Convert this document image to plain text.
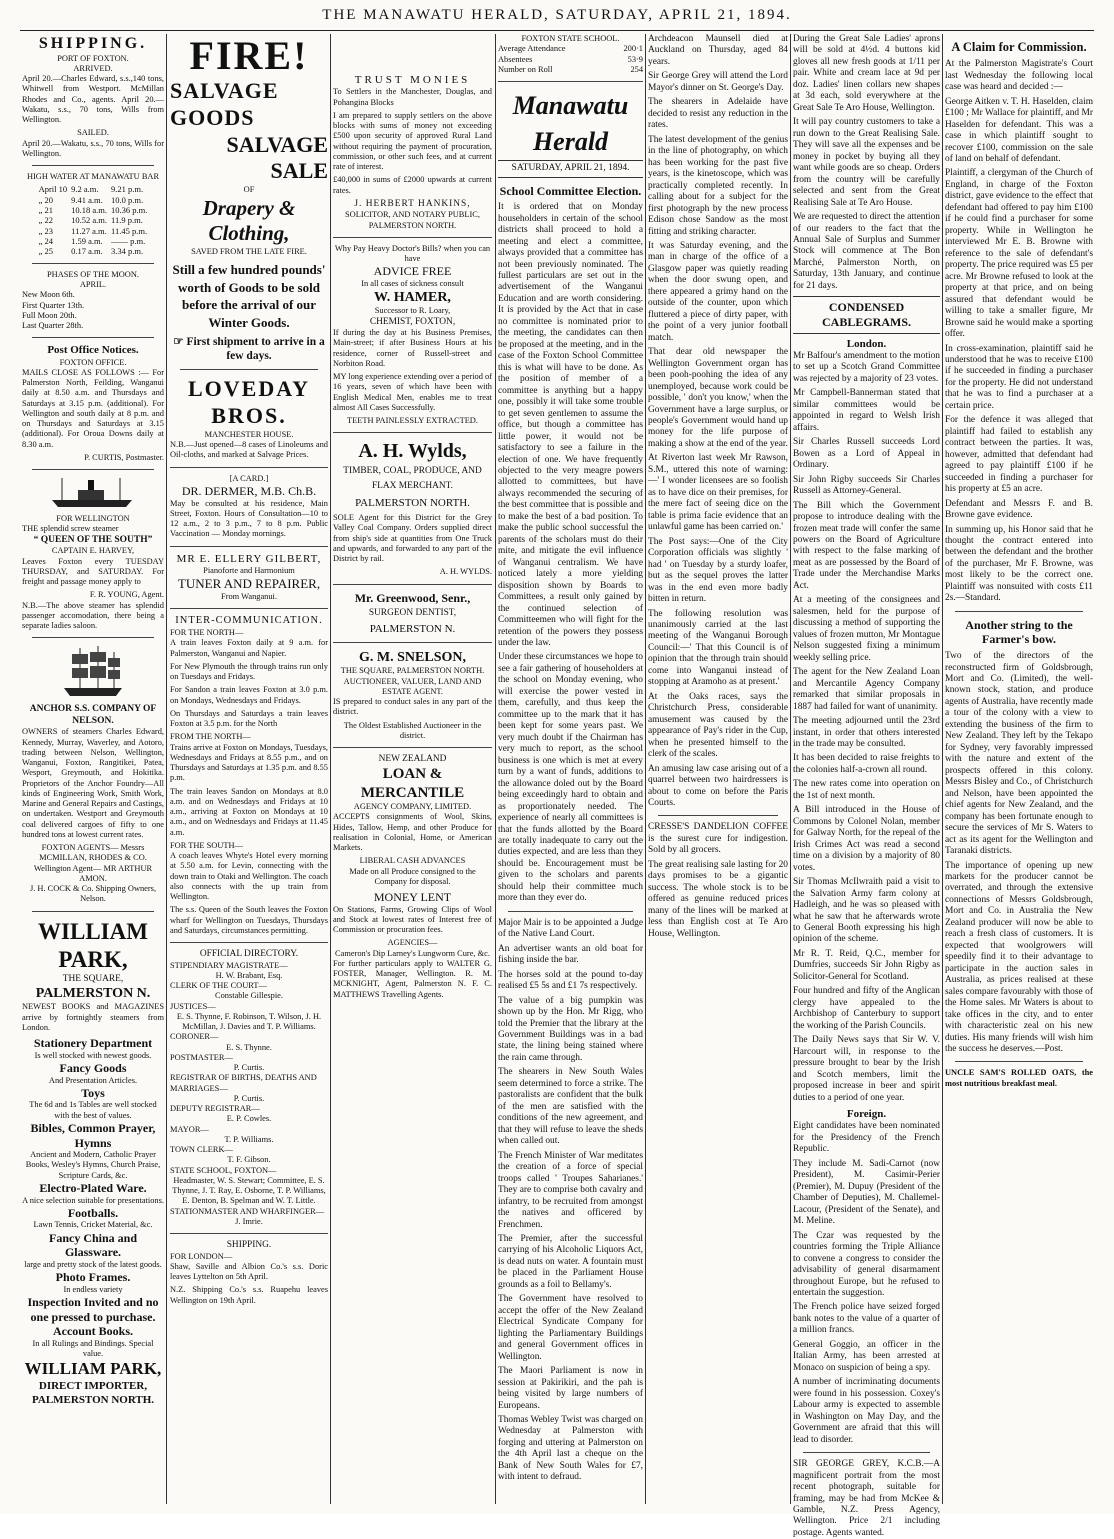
THE MANAWATU HERALD, SATURDAY, APRIL 21, 1894.
SHIPPING.
PORT OF FOXTON.
ARRIVED.

April 20.—Charles Edward, s.s.,140 tons, Whitwell from Westport. McMillan Rhodes and Co., agents. April 20.—Wakatu, s.s., 70 tons, Wills from Wellington.

SAILED.

April 20.—Wakatu, s.s., 70 tons, Wills for Wellington.

HIGH WATER AT MANAWATU BAR
April 10	9.2 a.m.	9.21 p.m.
„ 20	9.41 a.m.	10.0 p.m.
„ 21	10.18 a.m.	10.36 p.m.
„ 22	10.52 a.m.	11.9 p.m.
„ 23	11.27 a.m.	11.45 p.m.
„ 24	1.59 a.m.	—— p.m.
„ 25	0.17 a.m.	3.34 p.m.
PHASES OF THE MOON.
APRIL.
New Moon 6th.
First Quarter 13th.
Full Moon 20th.
Last Quarter 28th.
Post Office Notices.
FOXTON OFFICE.

MAILS CLOSE AS FOLLOWS :— For Palmerston North, Feilding, Wanganui daily at 8.50 a.m. and Thursdays and Saturdays at 3.15 p.m. (additional). For Wellington and south daily at 8 p.m. and on Thursdays and Saturdays at 3.15 (additional). For Oroua Downs daily at 8.30 a.m.

P. CURTIS, Postmaster.
FOR WELLINGTON
THE splendid screw steamer
“ QUEEN OF THE SOUTH”
CAPTAIN E. HARVEY,

Leaves Foxton every TUESDAY THURSDAY, and SATURDAY. For freight and passage money apply to

F. R. YOUNG, Agent.

N.B.—The above steamer has splendid passenger accomodation, there being a separate ladies saloon.

ANCHOR S.S. COMPANY OF NELSON.

OWNERS of steamers Charles Edward, Kennedy, Murray, Waverley, and Aotoro, trading between Nelson, Wellington, Wanganui, Foxton, Rangitikei, Patea, Wesport, Greymouth, and Hokitika. Proprietors of the Anchor Foundry—All kinds of Engineering Work, Smith Work, Marine and General Repairs and Castings, on undertaken. Westport and Greymouth coal delivered cargoes of fifty to one hundred tons at lowest current rates.

FOXTON AGENTS— Messrs MCMILLAN, RHODES & CO.
Wellington Agent— MR ARTHUR AMON.
J. H. COCK & Co. Shipping Owners, Nelson.
WILLIAM PARK,
THE SQUARE,
PALMERSTON N.

NEWEST BOOKS and MAGAZINES arrive by fortnightly steamers from London.

Stationery Department
Is well stocked with newest goods.
Fancy Goods
And Presentation Articles.
Toys
The 6d and 1s Tables are well stocked with the best of values.
Bibles, Common Prayer, Hymns
Ancient and Modern, Catholic Prayer Books, Wesley's Hymns, Church Praise, Scripture Cards, &c.
Electro-Plated Ware.
A nice selection suitable for presentations.
Footballs.
Lawn Tennis, Cricket Material, &c.
Fancy China and Glassware.
large and pretty stock of the latest goods.
Photo Frames.
In endless variety
Inspection Invited and no one pressed to purchase.
Account Books.
In all Rulings and Bindings. Special value.
WILLIAM PARK,
DIRECT IMPORTER,
PALMERSTON NORTH.
FIRE!
SALVAGE GOODS
SALVAGE SALE
OF
Drapery & Clothing,
SAVED FROM THE LATE FIRE.
Still a few hundred pounds' worth of Goods to be sold before the arrival of our Winter Goods.
☞ First shipment to arrive in a few days.
LOVEDAY BROS.
MANCHESTER HOUSE.

N.B.—Just opened—8 cases of Linoleums and Oil-cloths, and marked at Salvage Prices.

[A CARD.]
DR. DERMER, M.B. Ch.B.

May be consulted at his residence, Main Street, Foxton. Hours of Consultation—10 to 12 a.m., 2 to 3 p.m., 7 to 8 p.m. Public Vaccination — Monday mornings.

MR E. ELLERY GILBERT,
Pianoforte and Harmonium
TUNER AND REPAIRER,
From Wanganui.
INTER-COMMUNICATION.
FOR THE NORTH—

A train leaves Foxton daily at 9 a.m. for Palmerston, Wanganui and Napier.

For New Plymouth the through trains run only on Tuesdays and Fridays.

For Sandon a train leaves Foxton at 3.0 p.m. on Mondays, Wednesdays and Fridays.

On Thursdays and Saturdays a train leaves Foxton at 3.5 p.m. for the North

FROM THE NORTH—

Trains arrive at Foxton on Mondays, Tuesdays, Wednesdays and Fridays at 8.55 p.m., and on Thursdays and Saturdays at 1.35 p.m. and 8.55 p.m.

The train leaves Sandon on Mondays at 8.0 a.m. and on Wednesdays and Fridays at 10 a.m., arriving at Foxton on Mondays at 10 a.m., and on Wednesdays and Fridays at 11.45 a.m.

FOR THE SOUTH—

A coach leaves Whyte's Hotel every morning at 5.50 a.m. for Levin, connecting with the down train to Otaki and Wellington. The coach also connects with the up train from Wellington.

The s.s. Queen of the South leaves the Foxton wharf for Wellington on Tuesdays, Thursdays and Saturdays, circumstances permitting.

OFFICIAL DIRECTORY.
STIPENDIARY MAGISTRATE—
H. W. Brabant, Esq.
CLERK OF THE COURT—
Constable Gillespie.
JUSTICES—
E. S. Thynne, F. Robinson, T. Wilson, J. H. McMillan, J. Davies and T. P. Williams.
CORONER—
E. S. Thynne.
POSTMASTER—
P. Curtis.
REGISTRAR OF BIRTHS, DEATHS AND MARRIAGES—
P. Curtis.
DEPUTY REGISTRAR—
E. P. Cowles.
MAYOR—
T. P. Williams.
TOWN CLERK—
T. F. Gibson.
STATE SCHOOL, FOXTON—
Headmaster, W. S. Stewart; Committee, E. S. Thynne, J. T. Ray, E. Osborne, T. P. Williams, E. Denton, B. Spelman and W. T. Little.
STATIONMASTER AND WHARFINGER—
J. Imrie.
SHIPPING.
FOR LONDON—

Shaw, Saville and Albion Co.'s s.s. Doric leaves Lyttelton on 5th April.

N.Z. Shipping Co.'s s.s. Ruapehu leaves Wellington on 19th April.

TRUST MONIES

To Settlers in the Manchester, Douglas, and Pohangina Blocks

I am prepared to supply settlers on the above blocks with sums of money not exceeding £500 upon security of approved Rural Land without requiring the payment of procuration, commission, or other such fees, and at current rate of interest.

£40,000 in sums of £2000 upwards at current rates.

J. HERBERT HANKINS,
SOLICITOR, AND NOTARY PUBLIC,
PALMERSTON NORTH.
Why Pay Heavy Doctor's Bills? when you can have
ADVICE FREE
In all cases of sickness consult
W. HAMER,
Successor to R. Loary,
CHEMIST, FOXTON,

If during the day at his Business Premises, Main-street; if after Business Hours at his residence, corner of Russell-street and Norbiton Road.

MY long experience extending over a period of 16 years, seven of which have been with English Medical Men, enables me to treat almost All Cases Successfully.

TEETH PAINLESSLY EXTRACTED.
A. H. Wylds,
TIMBER, COAL, PRODUCE, AND FLAX MERCHANT.
PALMERSTON NORTH.

SOLE Agent for this District for the Grey Valley Coal Company. Orders supplied direct from ship's side at quantities from One Truck and upwards, and forwarded to any part of the District by rail.

A. H. WYLDS.
Mr. Greenwood, Senr.,
SURGEON DENTIST,
PALMERSTON N.
G. M. SNELSON,
THE SQUARE, PALMERSTON NORTH.
AUCTIONEER, VALUER, LAND AND ESTATE AGENT.

IS prepared to conduct sales in any part of the district.

The Oldest Established Auctioneer in the district.
NEW ZEALAND
LOAN & MERCANTILE
AGENCY COMPANY, LIMITED.

ACCEPTS consignments of Wool, Skins, Hides, Tallow, Hemp, and other Produce for realisation in Colonial, Home, or American Markets.

LIBERAL CASH ADVANCES

Made on all Produce consigned to the Company for disposal.

MONEY LENT

On Stations, Farms, Growing Clips of Wool and Stock at lowest rates of Interest free of Commission or procuration fees.

AGENCIES—
Cameron's Dip Larney's Lungworm Cure, &c.

For further particulars apply to WALTER G. FOSTER, Manager, Wellington. R. M. MCKNIGHT, Agent, Palmerston N. F. C. MATTHEWS Travelling Agents.

FOXTON STATE SCHOOL.
Average Attendance	200·1
Absentees	53·9
Number on Roll	254
Manawatu Herald
SATURDAY, APRIL 21, 1894.
School Committee Election.

It is ordered that on Monday householders in certain of the school districts shall proceed to hold a meeting and elect a committee, always provided that a committee has not been previously nominated. The fullest particulars are set out in the advertisement of the Wanganui Education and are worth considering. It is provided by the Act that in case no committee is nominated prior to the meeting, the candidates can then be proposed at the meeting, and in the case of the Foxton School Committee this is what will have to be done. As the position of member of a committee is anything but a happy one, possibly it will take some trouble to get seven gentlemen to assume the office, but though a committee has little power, it would not be satisfactory to see a failure in the election of one. We have frequently objected to the very meagre powers allotted to committees, but have always recommended the securing of the best committee that is possible and to make the best of a bad position. To make the public school successful the parents of the scholars must do their mite, and mitigate the evil influence of Wanganui centralism. We have noticed lately a more yielding disposition shown by Boards to Committees, a result only gained by the continued selection of Committeemen who will fight for the retention of the powers they possess under the law.

Under these circumstances we hope to see a fair gathering of householders at the school on Monday evening, who will exercise the power vested in them, carefully, and thus keep the committee up to the mark that it has been kept for some years past. We very much doubt if the Chairman has very much to report, as the school business is one which is met at every turn by a want of funds, additions to the allowance doled out by the Board being exceedingly hard to obtain and as proportionately needed. The experience of nearly all committees is that the funds allotted by the Board are totally inadequate to carry out the duties expected, and are less than they should be. Encouragement must be given to the scholars and parents should help their committee much more than they ever do.

Major Mair is to be appointed a Judge of the Native Land Court.

An advertiser wants an old boat for fishing inside the bar.

The horses sold at the pound to-day realised £5 5s and £1 7s respectively.

The value of a big pumpkin was shown up by the Hon. Mr Rigg, who told the Premier that the library at the Government Buildings was in a bad state, the lining being stained where the rain came through.

The shearers in New South Wales seem determined to force a strike. The pastoralists are confident that the bulk of the men are satisfied with the conditions of the new agreement, and that they will refuse to leave the sheds when called out.

The French Minister of War meditates the creation of a force of special troops called ' Troupes Saharianes.' They are to comprise both cavalry and infantry, to be recruited from amongst the natives and officered by Frenchmen.

The Premier, after the successful carrying of his Alcoholic Liquors Act, is dead nuts on water. A fountain must be placed in the Parliament House grounds as a foil to Bellamy's.

The Government have resolved to accept the offer of the New Zealand Electrical Syndicate Company for lighting the Parliamentary Buildings and general Government offices in Wellington.

The Maori Parliament is now in session at Pakirikiri, and the pah is being visited by large numbers of Europeans.

Thomas Webley Twist was charged on Wednesday at Palmerston with forging and uttering at Palmerston on the 4th April last a cheque on the Bank of New South Wales for £7, with intent to defraud.

Archdeacon Maunsell died at Auckland on Thursday, aged 84 years.

Sir George Grey will attend the Lord Mayor's dinner on St. George's Day.

The shearers in Adelaide have decided to resist any reduction in the rates.

The latest development of the genius in the line of photography, on which has been working for the past five years, is the kinetoscope, which was practically completed recently. In calling about for a subject for the first photograph by the new process Edison chose Sandow as the most fitting and striking character.

It was Saturday evening, and the man in charge of the office of a Glasgow paper was quietly reading when the door swung open, and there appeared a grimy hand on the outside of the counter, upon which fluttered a piece of dirty paper, with the point of a very junior football match.

That dear old newspaper the Wellington Government organ has been pooh-poohing the idea of any unemployed, because work could be possible, ' don't you know,' when the Government have a large surplus, or people's Government would hand up money for the life purpose of making a show at the end of the year.

At Riverton last week Mr Rawson, S.M., uttered this note of warning:—' I wonder licensees are so foolish as to have dice on their premises, for the mere fact of seeing dice on the table is prima facie evidence that an unlawful game has been carried on.'

The Post says:—One of the City Corporation officials was slightly ' had ' on Tuesday by a sturdy loafer, but as the sequel proves the latter was in the end even more badly bitten in return.

The following resolution was unanimously carried at the last meeting of the Wanganui Borough Council:—' That this Council is of opinion that the through train should come into Wanganui instead of stopping at Aramoho as at present.'

At the Oaks races, says the Christchurch Press, considerable amusement was caused by the appearance of Pay's rider in the Cup, when he presented himself to the clerk of the scales.

An amusing law case arising out of a quarrel between two hairdressers is about to come on before the Paris Courts.

CRESSE'S DANDELION COFFEE is the surest cure for indigestion. Sold by all grocers.

The great realising sale lasting for 20 days promises to be a gigantic success. The whole stock is to be offered as genuine reduced prices many of the lines will be marked at less than English cost at Te Aro House, Wellington.

During the Great Sale Ladies' aprons will be sold at 4½d. 4 buttons kid gloves all new fresh goods at 1/11 per pair. White and cream lace at 9d per doz. Ladies' linen collars new shapes at 3d each, sold everywhere at the Great Sale Te Aro House, Wellington.

It will pay country customers to take a run down to the Great Realising Sale. They will save all the expenses and be money in pocket by buying all they want while goods are so cheap. Orders from the country will be carefully selected and sent from the Great Realising Sale at Te Aro House.

We are requested to direct the attention of our readers to the fact that the Annual Sale of Surplus and Summer Stock will commence at The Bon Marché, Palmerston North, on Saturday, 13th January, and continue for 21 days.

CONDENSED CABLEGRAMS.
London.

Mr Balfour's amendment to the motion to set up a Scotch Grand Committee was rejected by a majority of 23 votes.

Mr Campbell-Bannerman stated that similar committees would be appointed in regard to Welsh Irish affairs.

Sir Charles Russell succeeds Lord Bowen as a Lord of Appeal in Ordinary.

Sir John Rigby succeeds Sir Charles Russell as Attorney-General.

The Bill which the Government propose to introduce dealing with the frozen meat trade will confer the same powers on the Board of Agriculture with respect to the false marking of meat as are possessed by the Board of Trade under the Merchandise Marks Act.

At a meeting of the consignees and salesmen, held for the purpose of discussing a method of supporting the values of frozen mutton, Mr Montague Nelson suggested fixing a minimum weekly selling price.

The agent for the New Zealand Loan and Mercantile Agency Company remarked that similar proposals in 1887 had failed for want of unanimity.

The meeting adjourned until the 23rd instant, in order that others interested in the trade may be consulted.

It has been decided to raise freights to the colonies half-a-crown all round.

The new rates come into operation on the 1st of next month.

A Bill introduced in the House of Commons by Colonel Nolan, member for Galway North, for the repeal of the Irish Crimes Act was read a second time on a division by a majority of 80 votes.

Sir Thomas McIlwraith paid a visit to the Salvation Army farm colony at Hadleigh, and he was so pleased with what he saw that he afterwards wrote to General Booth expressing his high opinion of the scheme.

Mr R. T. Reid, Q.C., member for Dumfries, succeeds Sir John Rigby as Solicitor-General for Scotland.

Four hundred and fifty of the Anglican clergy have appealed to the Archbishop of Canterbury to support the working of the Parish Councils.

The Daily News says that Sir W. V. Harcourt will, in response to the pressure brought to bear by the Irish and Scotch members, limit the proposed increase in beer and spirit duties to a period of one year.

Foreign.

Eight candidates have been nominated for the Presidency of the French Republic.

They include M. Sadi-Carnot (now President), M. Casimir-Perier (Premier), M. Dupuy (President of the Chamber of Deputies), M. Challemel-Lacour, (President of the Senate), and M. Meline.

The Czar was requested by the countries forming the Triple Alliance to convene a congress to consider the advisability of general disarmament throughout Europe, but he refused to entertain the suggestion.

The French police have seized forged bank notes to the value of a quarter of a million francs.

General Goggio, an officer in the Italian Army, has been arrested at Monaco on suspicion of being a spy.

A number of incriminating documents were found in his possession. Coxey's Labour army is expected to assemble in Washington on May Day, and the Government are afraid that this will lead to disorder.

SIR GEORGE GREY, K.C.B.—A magnificent portrait from the most recent photograph, suitable for framing, may be had from McKee & Gamble, N.Z. Press Agency, Wellington. Price 2/1 including postage. Agents wanted.

A Claim for Commission.

At the Palmerston Magistrate's Court last Wednesday the following local case was heard and decided :—

George Aitken v. T. H. Haselden, claim £100 ; Mr Wallace for plaintiff, and Mr Haselden for defendant. This was a case in which plaintiff sought to recover £100, commission on the sale of land on behalf of defendant.

Plaintiff, a clergyman of the Church of England, in charge of the Foxton district, gave evidence to the effect that defendant had offered to pay him £100 if he could find a purchaser for some property. While in Wellington he interviewed Mr E. B. Browne with reference to the sale of defendant's property. The price required was £5 per acre. Mr Browne refused to look at the property at that price, and on being assured that defendant would be willing to take a smaller figure, Mr Browne said he would make a sporting offer.

In cross-examination, plaintiff said he understood that he was to receive £100 if he succeeded in finding a purchaser for the property. He did not understand that he was to find a purchaser at a certain price.

For the defence it was alleged that plaintiff had failed to establish any contract between the parties. It was, however, admitted that defendant had agreed to pay plaintiff £100 if he succeeded in finding a purchaser for his property at £5 an acre.

Defendant and Messrs F. and B. Browne gave evidence.

In summing up, his Honor said that he thought the contract entered into between the defendant and the brother of the purchaser, Mr F. Browne, was most likely to be the correct one. Plaintiff was nonsuited with costs £11 2s.—Standard.

Another string to the Farmer's bow.

Two of the directors of the reconstructed firm of Goldsbrough, Mort and Co. (Limited), the well-known stock, station, and produce agents of Australia, have recently made a tour of the colony with a view to extending the business of the firm to New Zealand. They left by the Tekapo for Sydney, very favorably impressed with the nature and extent of the prospects offered in this colony. Messrs Bisley and Co., of Christchurch and Nelson, have been appointed the chief agents for New Zealand, and the company has been fortunate enough to secure the services of Mr S. Waters to act as its agent for the Wellington and Taranaki districts.

The importance of opening up new markets for the producer cannot be overrated, and through the extensive connections of Messrs Goldsbrough, Mort and Co. in Australia the New Zealand producer will now be able to reach a fresh class of customers. It is expected that woolgrowers will speedily find it to their advantage to participate in the auction sales in Australia, as prices realised at these sales compare favourably with those of the Home sales. Mr Waters is about to take offices in the city, and to enter with characteristic zeal on his new duties. His many friends will wish him the success he deserves.—Post.

UNCLE SAM'S ROLLED OATS, the most nutritious breakfast meal.
